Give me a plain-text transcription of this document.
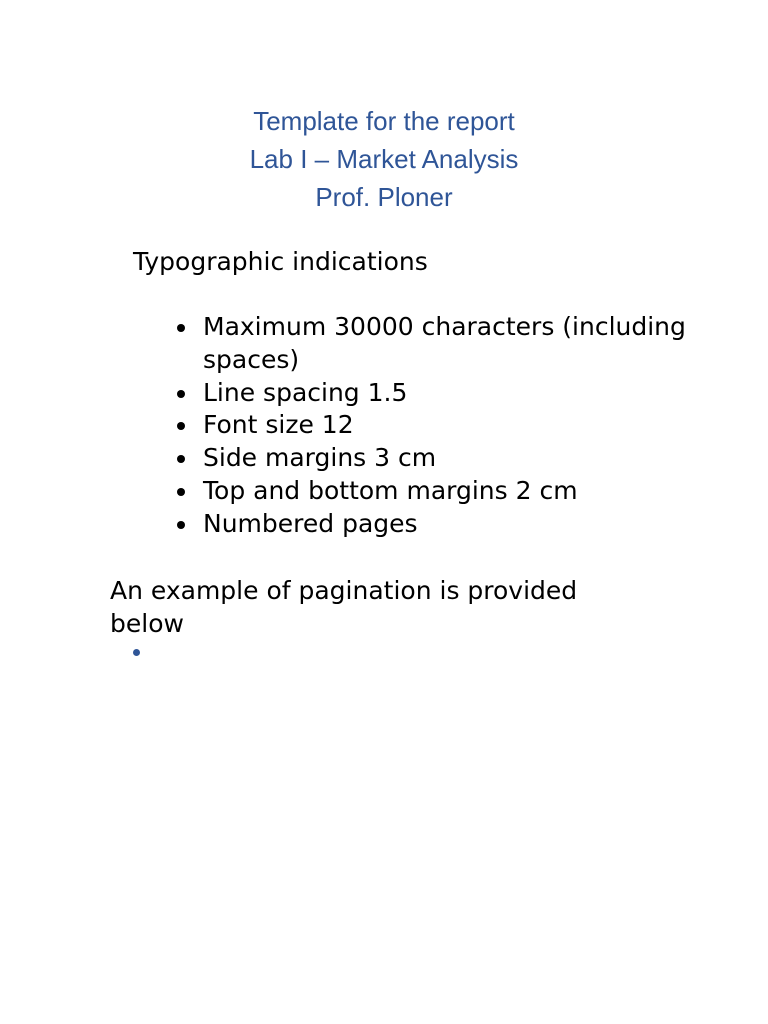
Template for the report
Lab I – Market Analysis
Prof. Ploner
Typographic indications
Maximum 30000 characters (including spaces)
Line spacing 1.5
Font size 12
Side margins 3 cm
Top and bottom margins 2 cm
Numbered pages
An example of pagination is provided below
